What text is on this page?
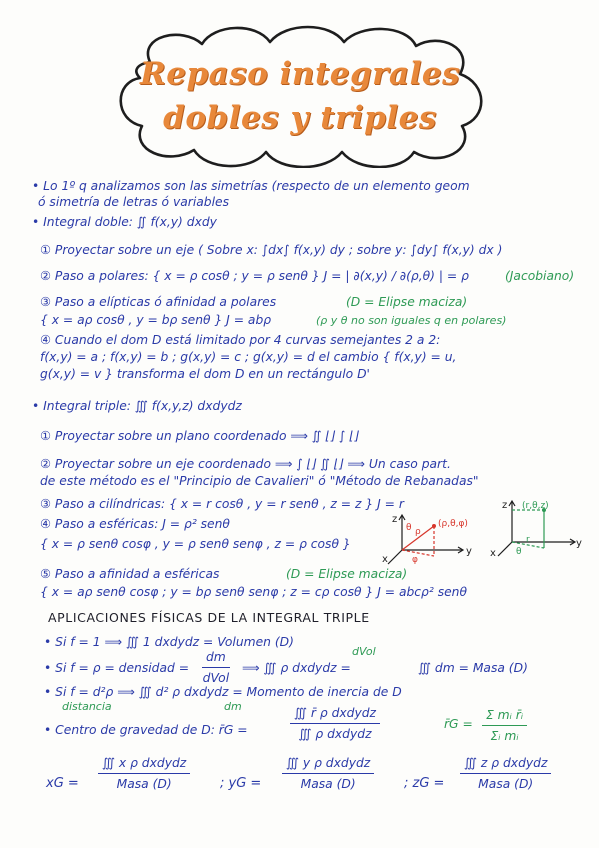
Repaso integrales
dobles y triples
• Lo 1º q analizamos son las simetrías (respecto de un elemento geom
ó simetría de letras ó variables
• Integral doble: ∬ f(x,y) dxdy
① Proyectar sobre un eje ( Sobre x: ∫dx∫ f(x,y) dy ; sobre y: ∫dy∫ f(x,y) dx )
② Paso a polares: { x = ρ cosθ ; y = ρ senθ } J = | ∂(x,y) / ∂(ρ,θ) | = ρ	(Jacobiano)
③ Paso a elípticas ó afinidad a polares	(D = Elipse maciza)
{ x = aρ cosθ , y = bρ senθ } J = abρ	(ρ y θ no son iguales q en polares)
④ Cuando el dom D está limitado por 4 curvas semejantes 2 a 2:
f(x,y) = a ; f(x,y) = b ; g(x,y) = c ; g(x,y) = d el cambio { f(x,y) = u,
g(x,y) = v } transforma el dom D en un rectángulo D'
• Integral triple: ∭ f(x,y,z) dxdydz
① Proyectar sobre un plano coordenado ⟹ ∬ ⌊⌋ ∫ ⌊⌋
② Proyectar sobre un eje coordenado ⟹ ∫ ⌊⌋ ∬ ⌊⌋ ⟹ Un caso part.
de este método es el "Principio de Cavalieri" ó "Método de Rebanadas"
③ Paso a cilíndricas: { x = r cosθ , y = r senθ , z = z } J = r
④ Paso a esféricas: J = ρ² senθ
{ x = ρ senθ cosφ , y = ρ senθ senφ , z = ρ cosθ }
z
y
x
(ρ,θ,φ)
ρ
θ
φ
z
y
x
(r,θ,z)
r
θ
⑤ Paso a afinidad a esféricas	(D = Elipse maciza)
{ x = aρ senθ cosφ ; y = bρ senθ senφ ; z = cρ cosθ } J = abcρ² senθ
APLICACIONES FÍSICAS DE LA INTEGRAL TRIPLE
• Si f = 1 ⟹ ∭ 1 dxdydz = Volumen (D)
• Si f = ρ = densidad =
dm
dVol
⟹ ∭ ρ dxdydz =
dVol
∭ dm = Masa (D)
• Si f = d²ρ ⟹ ∭ d² ρ dxdydz = Momento de inercia de D
distancia	dm
• Centro de gravedad de D: r̄G =
∭ r̄ ρ dxdydz
∭ ρ dxdydz
r̄G = $\frac{\text{Σ mᵢ r̄ᵢ}}{\text{Σᵢ mᵢ}}$
xG =
∭ x ρ dxdydz
Masa (D)	; yG =
∭ y ρ dxdydz
Masa (D)	; zG =
∭ z ρ dxdydz
Masa (D)
